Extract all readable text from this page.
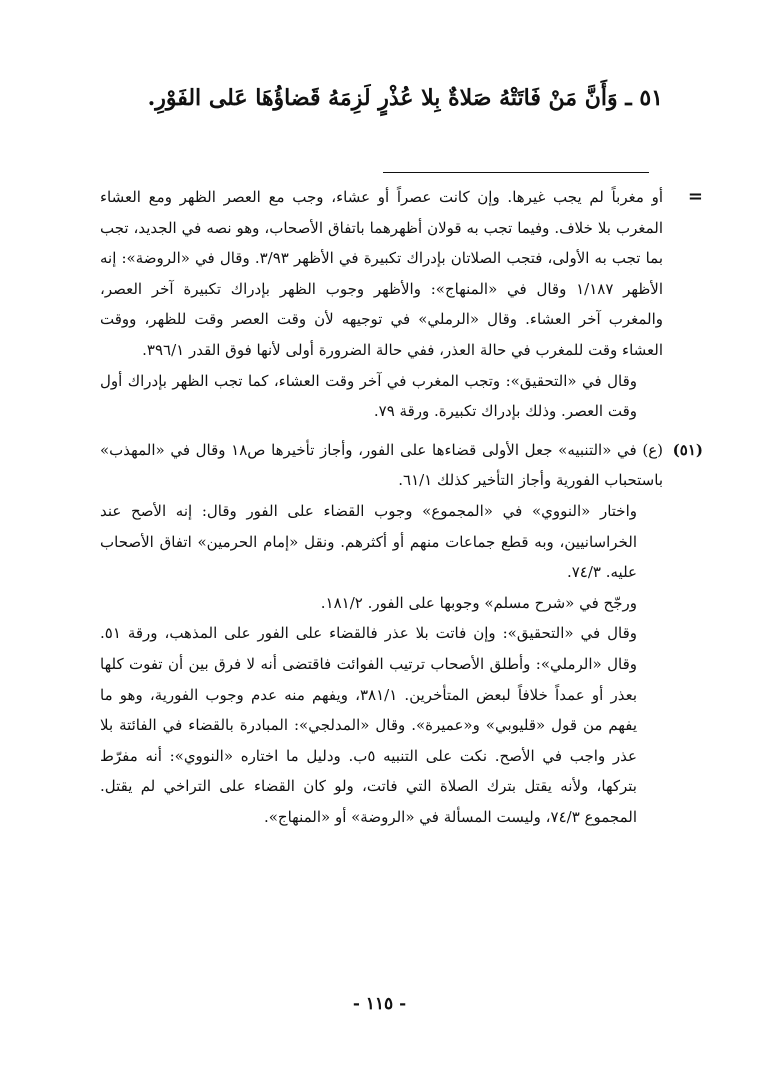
٥١ ـ وَأَنَّ مَنْ فَاتَتْهُ صَلاةٌ بِلا عُذْرٍ لَزِمَهُ قَضاؤُهَا عَلى الفَوْرِ.
=

أو مغرباً لم يجب غيرها. وإن كانت عصراً أو عشاء، وجب مع العصر الظهر ومع العشاء المغرب بلا خلاف. وفيما تجب به قولان أظهرهما باتفاق الأصحاب، وهو نصه في الجديد، تجب بما تجب به الأولى، فتجب الصلاتان بإدراك تكبيرة في الأظهر ٣/٩٣. وقال في «الروضة»: إنه الأظهر ١/١٨٧ وقال في «المنهاج»: والأظهر وجوب الظهر بإدراك تكبيرة آخر العصر، والمغرب آخر العشاء. وقال «الرملي» في توجيهه لأن وقت العصر وقت للظهر، ووقت العشاء وقت للمغرب في حالة العذر، ففي حالة الضرورة أولى لأنها فوق القدر ٣٩٦/١.

وقال في «التحقيق»: وتجب المغرب في آخر وقت العشاء، كما تجب الظهر بإدراك أول وقت العصر. وذلك بإدراك تكبيرة. ورقة ٧٩.

(٥١)

(ع) في «التنبيه» جعل الأولى قضاءها على الفور، وأجاز تأخيرها ص١٨ وقال في «المهذب» باستحباب الفورية وأجاز التأخير كذلك ٦١/١.

واختار «النووي» في «المجموع» وجوب القضاء على الفور وقال: إنه الأصح عند الخراسانيين، وبه قطع جماعات منهم أو أكثرهم. ونقل «إمام الحرمين» اتفاق الأصحاب عليه. ٧٤/٣.

ورجّح في «شرح مسلم» وجوبها على الفور. ١٨١/٢.

وقال في «التحقيق»: وإن فاتت بلا عذر فالقضاء على الفور على المذهب، ورقة ٥١. وقال «الرملي»: وأطلق الأصحاب ترتيب الفوائت فاقتضى أنه لا فرق بين أن تفوت كلها بعذر أو عمداً خلافاً لبعض المتأخرين. ٣٨١/١، ويفهم منه عدم وجوب الفورية، وهو ما يفهم من قول «قليوبي» و«عميرة». وقال «المدلجي»: المبادرة بالقضاء في الفائتة بلا عذر واجب في الأصح. نكت على التنبيه ٥ب. ودليل ما اختاره «النووي»: أنه مفرّط بتركها، ولأنه يقتل بترك الصلاة التي فاتت، ولو كان القضاء على التراخي لم يقتل. المجموع ٧٤/٣، وليست المسألة في «الروضة» أو «المنهاج».

- ١١٥ -
